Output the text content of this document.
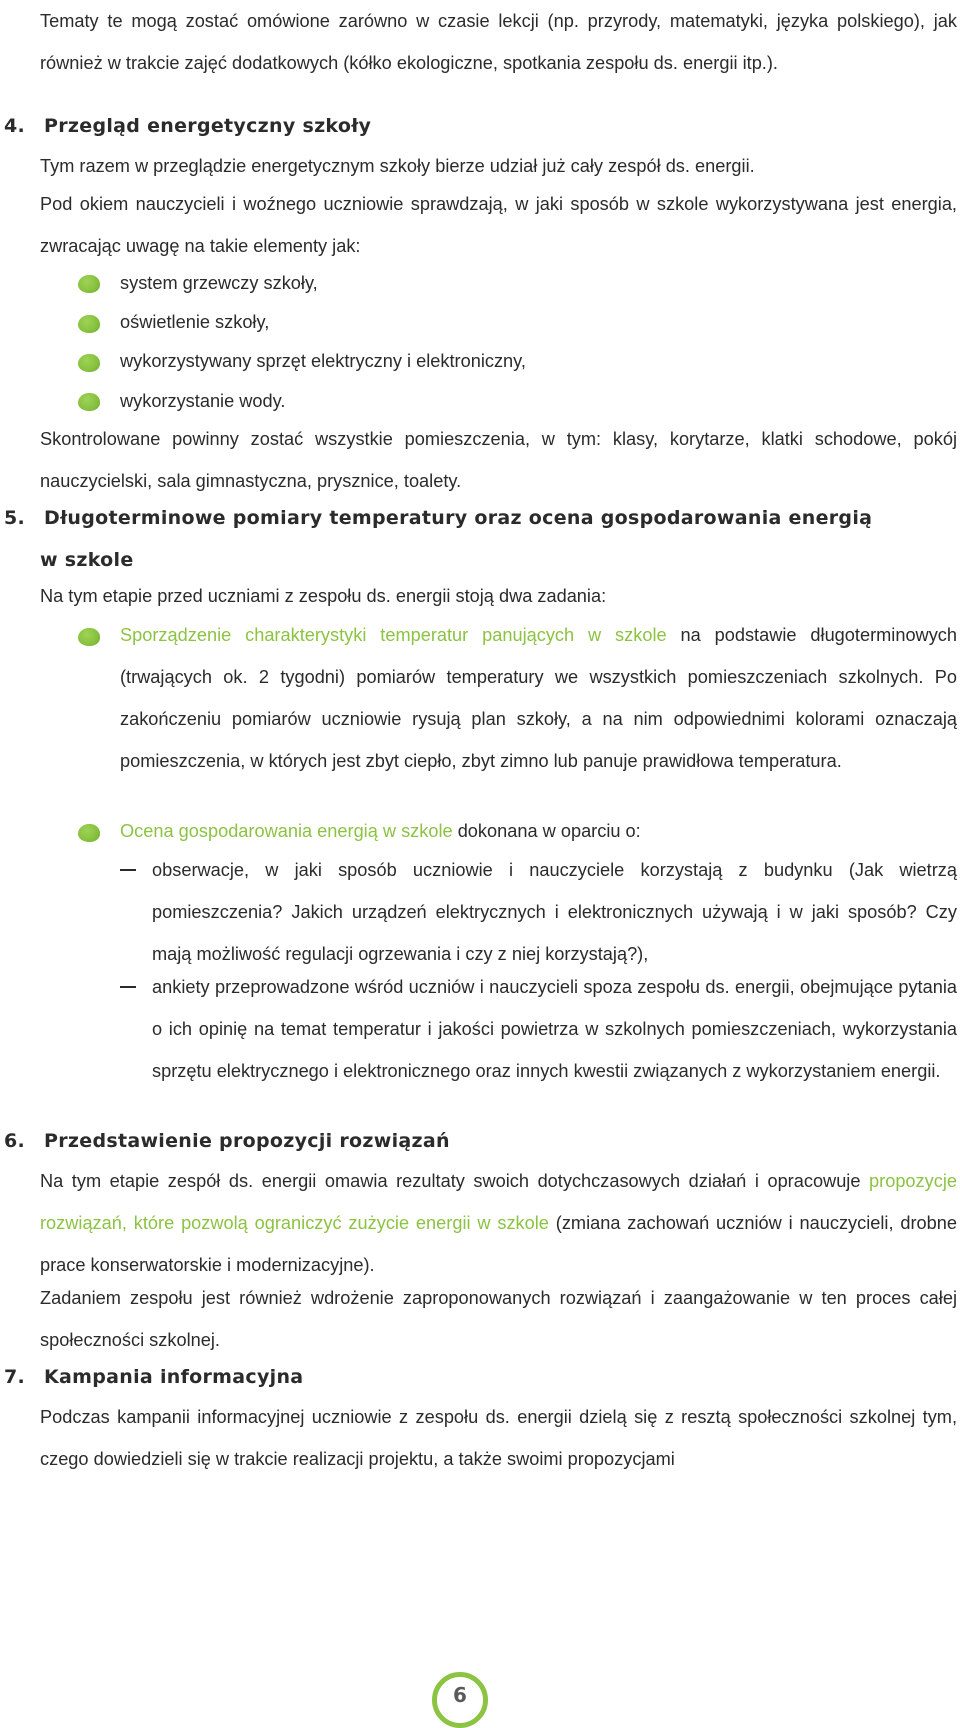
Tematy te mogą zostać omówione zarówno w czasie lekcji (np. przyrody, matematyki, języka polskiego), jak również w trakcie zajęć dodatkowych (kółko ekologiczne, spotkania zespołu ds. energii itp.).

4. Przegląd energetyczny szkoły

Tym razem w przeglądzie energetycznym szkoły bierze udział już cały zespół ds. energii.

Pod okiem nauczycieli i woźnego uczniowie sprawdzają, w jaki sposób w szkole wykorzystywana jest energia, zwracając uwagę na takie elementy jak:

system grzewczy szkoły,

oświetlenie szkoły,

wykorzystywany sprzęt elektryczny i elektroniczny,

wykorzystanie wody.

Skontrolowane powinny zostać wszystkie pomieszczenia, w tym: klasy, korytarze, klatki schodowe, pokój nauczycielski, sala gimnastyczna, prysznice, toalety.

5. Długoterminowe pomiary temperatury oraz ocena gospodarowania energią
w szkole

Na tym etapie przed uczniami z zespołu ds. energii stoją dwa zadania:

Sporządzenie charakterystyki temperatur panujących w szkole na podstawie długoterminowych (trwających ok. 2 tygodni) pomiarów temperatury we wszystkich pomieszczeniach szkolnych. Po zakończeniu pomiarów uczniowie rysują plan szkoły, a na nim odpowiednimi kolorami oznaczają pomieszczenia, w których jest zbyt ciepło, zbyt zimno lub panuje prawidłowa temperatura.

Ocena gospodarowania energią w szkole dokonana w oparciu o:

obserwacje, w jaki sposób uczniowie i nauczyciele korzystają z budynku (Jak wietrzą pomieszczenia? Jakich urządzeń elektrycznych i elektronicznych używają i w jaki sposób? Czy mają możliwość regulacji ogrzewania i czy z niej korzystają?),

ankiety przeprowadzone wśród uczniów i nauczycieli spoza zespołu ds. energii, obejmujące pytania o ich opinię na temat temperatur i jakości powietrza w szkolnych pomieszczeniach, wykorzystania sprzętu elektrycznego i elektronicznego oraz innych kwestii związanych z wykorzystaniem energii.

6. Przedstawienie propozycji rozwiązań

Na tym etapie zespół ds. energii omawia rezultaty swoich dotychczasowych działań i opracowuje propozycje rozwiązań, które pozwolą ograniczyć zużycie energii w szkole (zmiana zachowań uczniów i nauczycieli, drobne prace konserwatorskie i modernizacyjne).

Zadaniem zespołu jest również wdrożenie zaproponowanych rozwiązań i zaangażowanie w ten proces całej społeczności szkolnej.

7. Kampania informacyjna

Podczas kampanii informacyjnej uczniowie z zespołu ds. energii dzielą się z resztą społeczności szkolnej tym, czego dowiedzieli się w trakcie realizacji projektu, a także swoimi propozycjami

6
